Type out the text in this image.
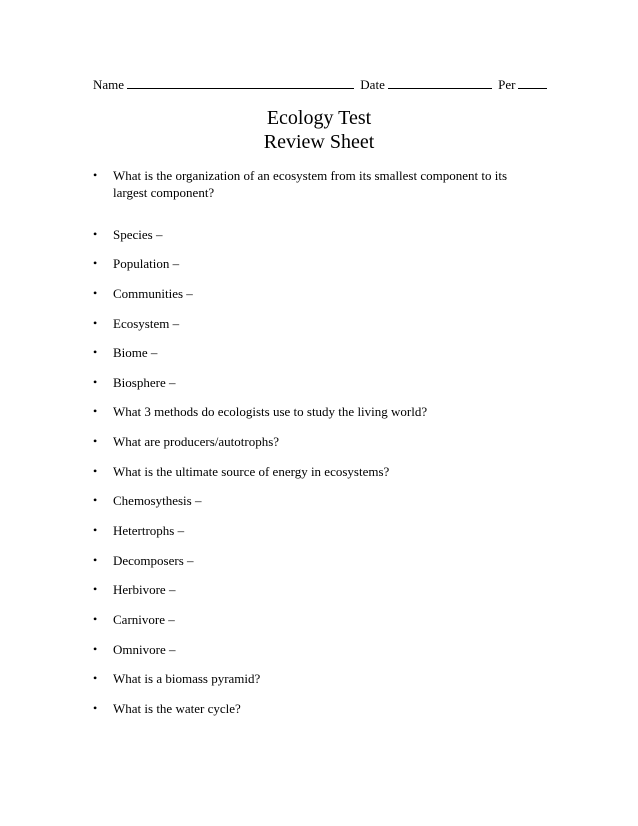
Name	Date	Per
Ecology Test
Review Sheet
• What is the organization of an ecosystem from its smallest component to its largest component?
• Species –
• Population –
• Communities –
• Ecosystem –
• Biome –
• Biosphere –
• What 3 methods do ecologists use to study the living world?
• What are producers/autotrophs?
• What is the ultimate source of energy in ecosystems?
• Chemosythesis –
• Hetertrophs –
• Decomposers –
• Herbivore –
• Carnivore –
• Omnivore –
• What is a biomass pyramid?
• What is the water cycle?
